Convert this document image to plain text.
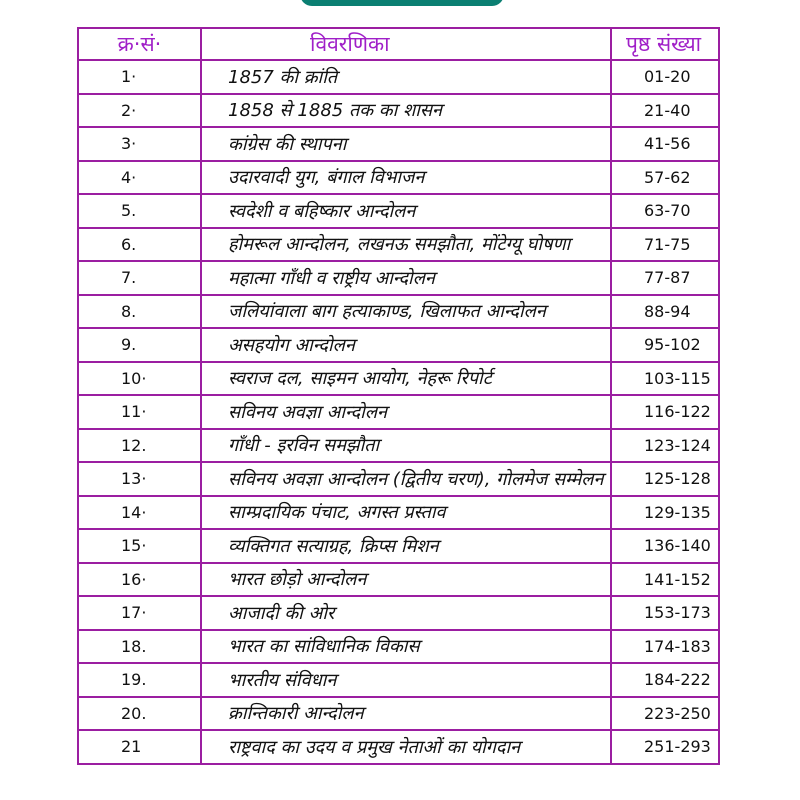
क्र·सं·	विवरणिका	पृष्ठ संख्या
1·	1857 की क्रांति	01-20
2·	1858 से 1885 तक का शासन	21-40
3·	कांग्रेस की स्थापना	41-56
4·	उदारवादी युग, बंगाल विभाजन	57-62
5.	स्वदेशी व बहिष्कार आन्दोलन	63-70
6.	होमरूल आन्दोलन, लखनऊ समझौता, मोंटेग्यू घोषणा	71-75
7.	महात्मा गाँधी व राष्ट्रीय आन्दोलन	77-87
8.	जलियांवाला बाग हत्याकाण्ड, खिलाफत आन्दोलन	88-94
9.	असहयोग आन्दोलन	95-102
10·	स्वराज दल, साइमन आयोग, नेहरू रिपोर्ट	103-115
11·	सविनय अवज्ञा आन्दोलन	116-122
12.	गाँधी - इरविन समझौता	123-124
13·	सविनय अवज्ञा आन्दोलन (द्वितीय चरण), गोलमेज सम्मेलन	125-128
14·	साम्प्रदायिक पंचाट, अगस्त प्रस्ताव	129-135
15·	व्यक्तिगत सत्याग्रह, क्रिप्स मिशन	136-140
16·	भारत छोड़ो आन्दोलन	141-152
17·	आजादी की ओर	153-173
18.	भारत का सांविधानिक विकास	174-183
19.	भारतीय संविधान	184-222
20.	क्रान्तिकारी आन्दोलन	223-250
21	राष्ट्रवाद का उदय व प्रमुख नेताओं का योगदान	251-293
